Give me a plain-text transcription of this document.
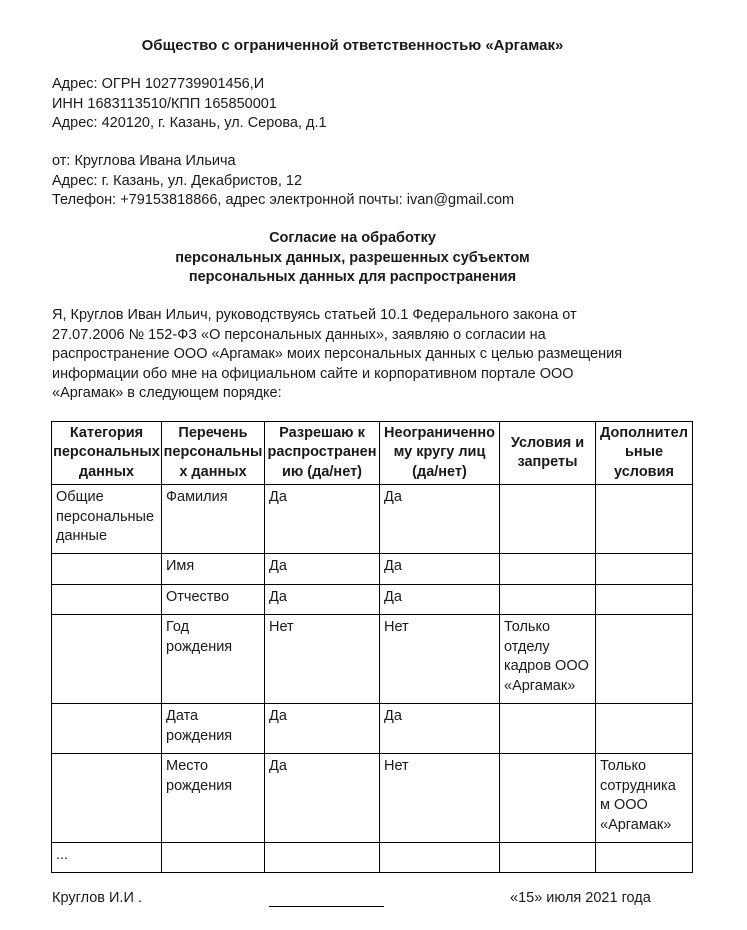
Общество с ограниченной ответственностью «Аргамак»
Адрес: ОГРН 1027739901456,И
ИНН 1683113510/КПП 165850001
Адрес: 420120, г. Казань, ул. Серова, д.1
от: Круглова Ивана Ильича
Адрес: г. Казань, ул. Декабристов, 12
Телефон: +79153818866, адрес электронной почты: ivan@gmail.com
Согласие на обработку
персональных данных, разрешенных субъектом
персональных данных для распространения
Я, Круглов Иван Ильич, руководствуясь статьей 10.1 Федерального закона от
27.07.2006 № 152-ФЗ «О персональных данных», заявляю о согласии на
распространение ООО «Аргамак» моих персональных данных с целью размещения
информации обо мне на официальном сайте и корпоративном портале ООО
«Аргамак» в следующем порядке:
Категория
персональных
данных	Перечень
персональны
х данных	Разрешаю к
распространен
ию (да/нет)	Неограниченно
му кругу лиц
(да/нет)	Условия и
запреты	Дополнител
ьные
условия

Общие
персональные
данные	Фамилия	Да	Да		

	Имя	Да	Да		

	Отчество	Да	Да		

	Год
рождения	Нет	Нет	Только
отделу
кадров ООО
«Аргамак»	

	Дата
рождения	Да	Да		

	Место
рождения	Да	Нет		Только
сотрудника
м ООО
«Аргамак»

...					

Круглов И.И .	«15» июля 2021 года
